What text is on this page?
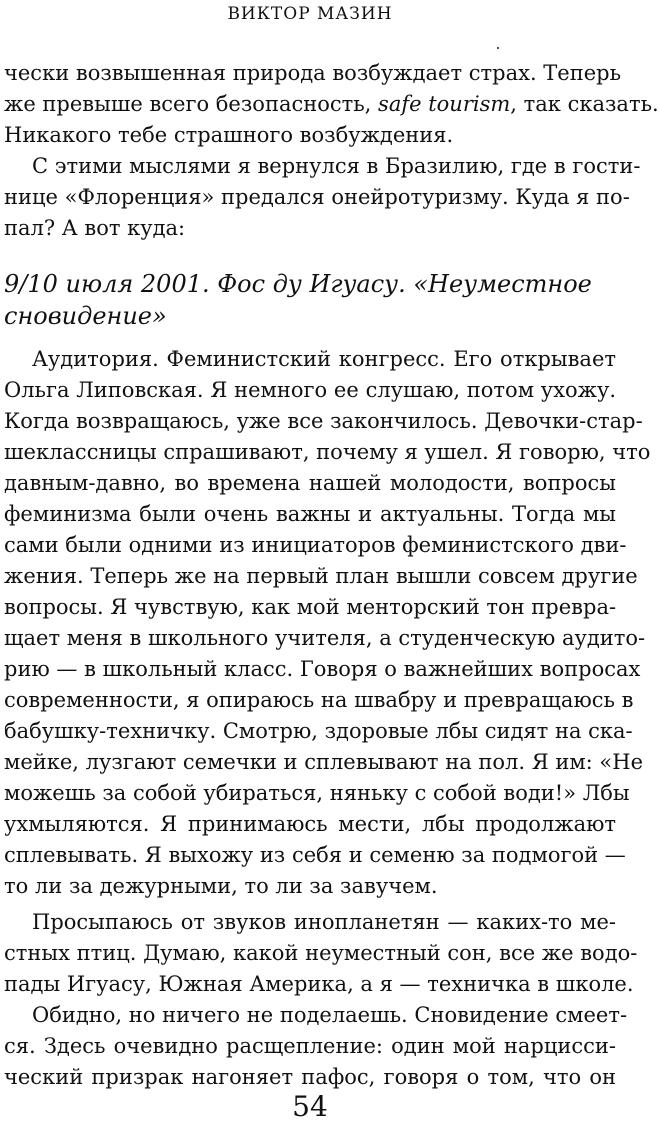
ВИКТОР МАЗИН
чески возвышенная природа возбуждает страх. Теперь
же превыше всего безопасность, safe tourism, так сказать.
Никакого тебе страшного возбуждения.
С этими мыслями я вернулся в Бразилию, где в гости-
нице «Флоренция» предался онейротуризму. Куда я по-
пал? А вот куда:
9/10 июля 2001. Фос ду Игуасу. «Неуместное
сновидение»
Аудитория. Феминистский конгресс. Его открывает
Ольга Липовская. Я немного ее слушаю, потом ухожу.
Когда возвращаюсь, уже все закончилось. Девочки-стар-
шеклассницы спрашивают, почему я ушел. Я говорю, что
давным-давно, во времена нашей молодости, вопросы
феминизма были очень важны и актуальны. Тогда мы
сами были одними из инициаторов феминистского дви-
жения. Теперь же на первый план вышли совсем другие
вопросы. Я чувствую, как мой менторский тон превра-
щает меня в школьного учителя, а студенческую аудито-
рию — в школьный класс. Говоря о важнейших вопросах
современности, я опираюсь на швабру и превращаюсь в
бабушку-техничку. Смотрю, здоровые лбы сидят на ска-
мейке, лузгают семечки и сплевывают на пол. Я им: «Не
можешь за собой убираться, няньку с собой води!» Лбы
ухмыляются. Я принимаюсь мести, лбы продолжают
сплевывать. Я выхожу из себя и семеню за подмогой —
то ли за дежурными, то ли за завучем.
Просыпаюсь от звуков инопланетян — каких-то ме-
стных птиц. Думаю, какой неуместный сон, все же водо-
пады Игуасу, Южная Америка, а я — техничка в школе.
Обидно, но ничего не поделаешь. Сновидение смеет-
ся. Здесь очевидно расщепление: один мой нарцисси-
ческий призрак нагоняет пафос, говоря о том, что он
54
